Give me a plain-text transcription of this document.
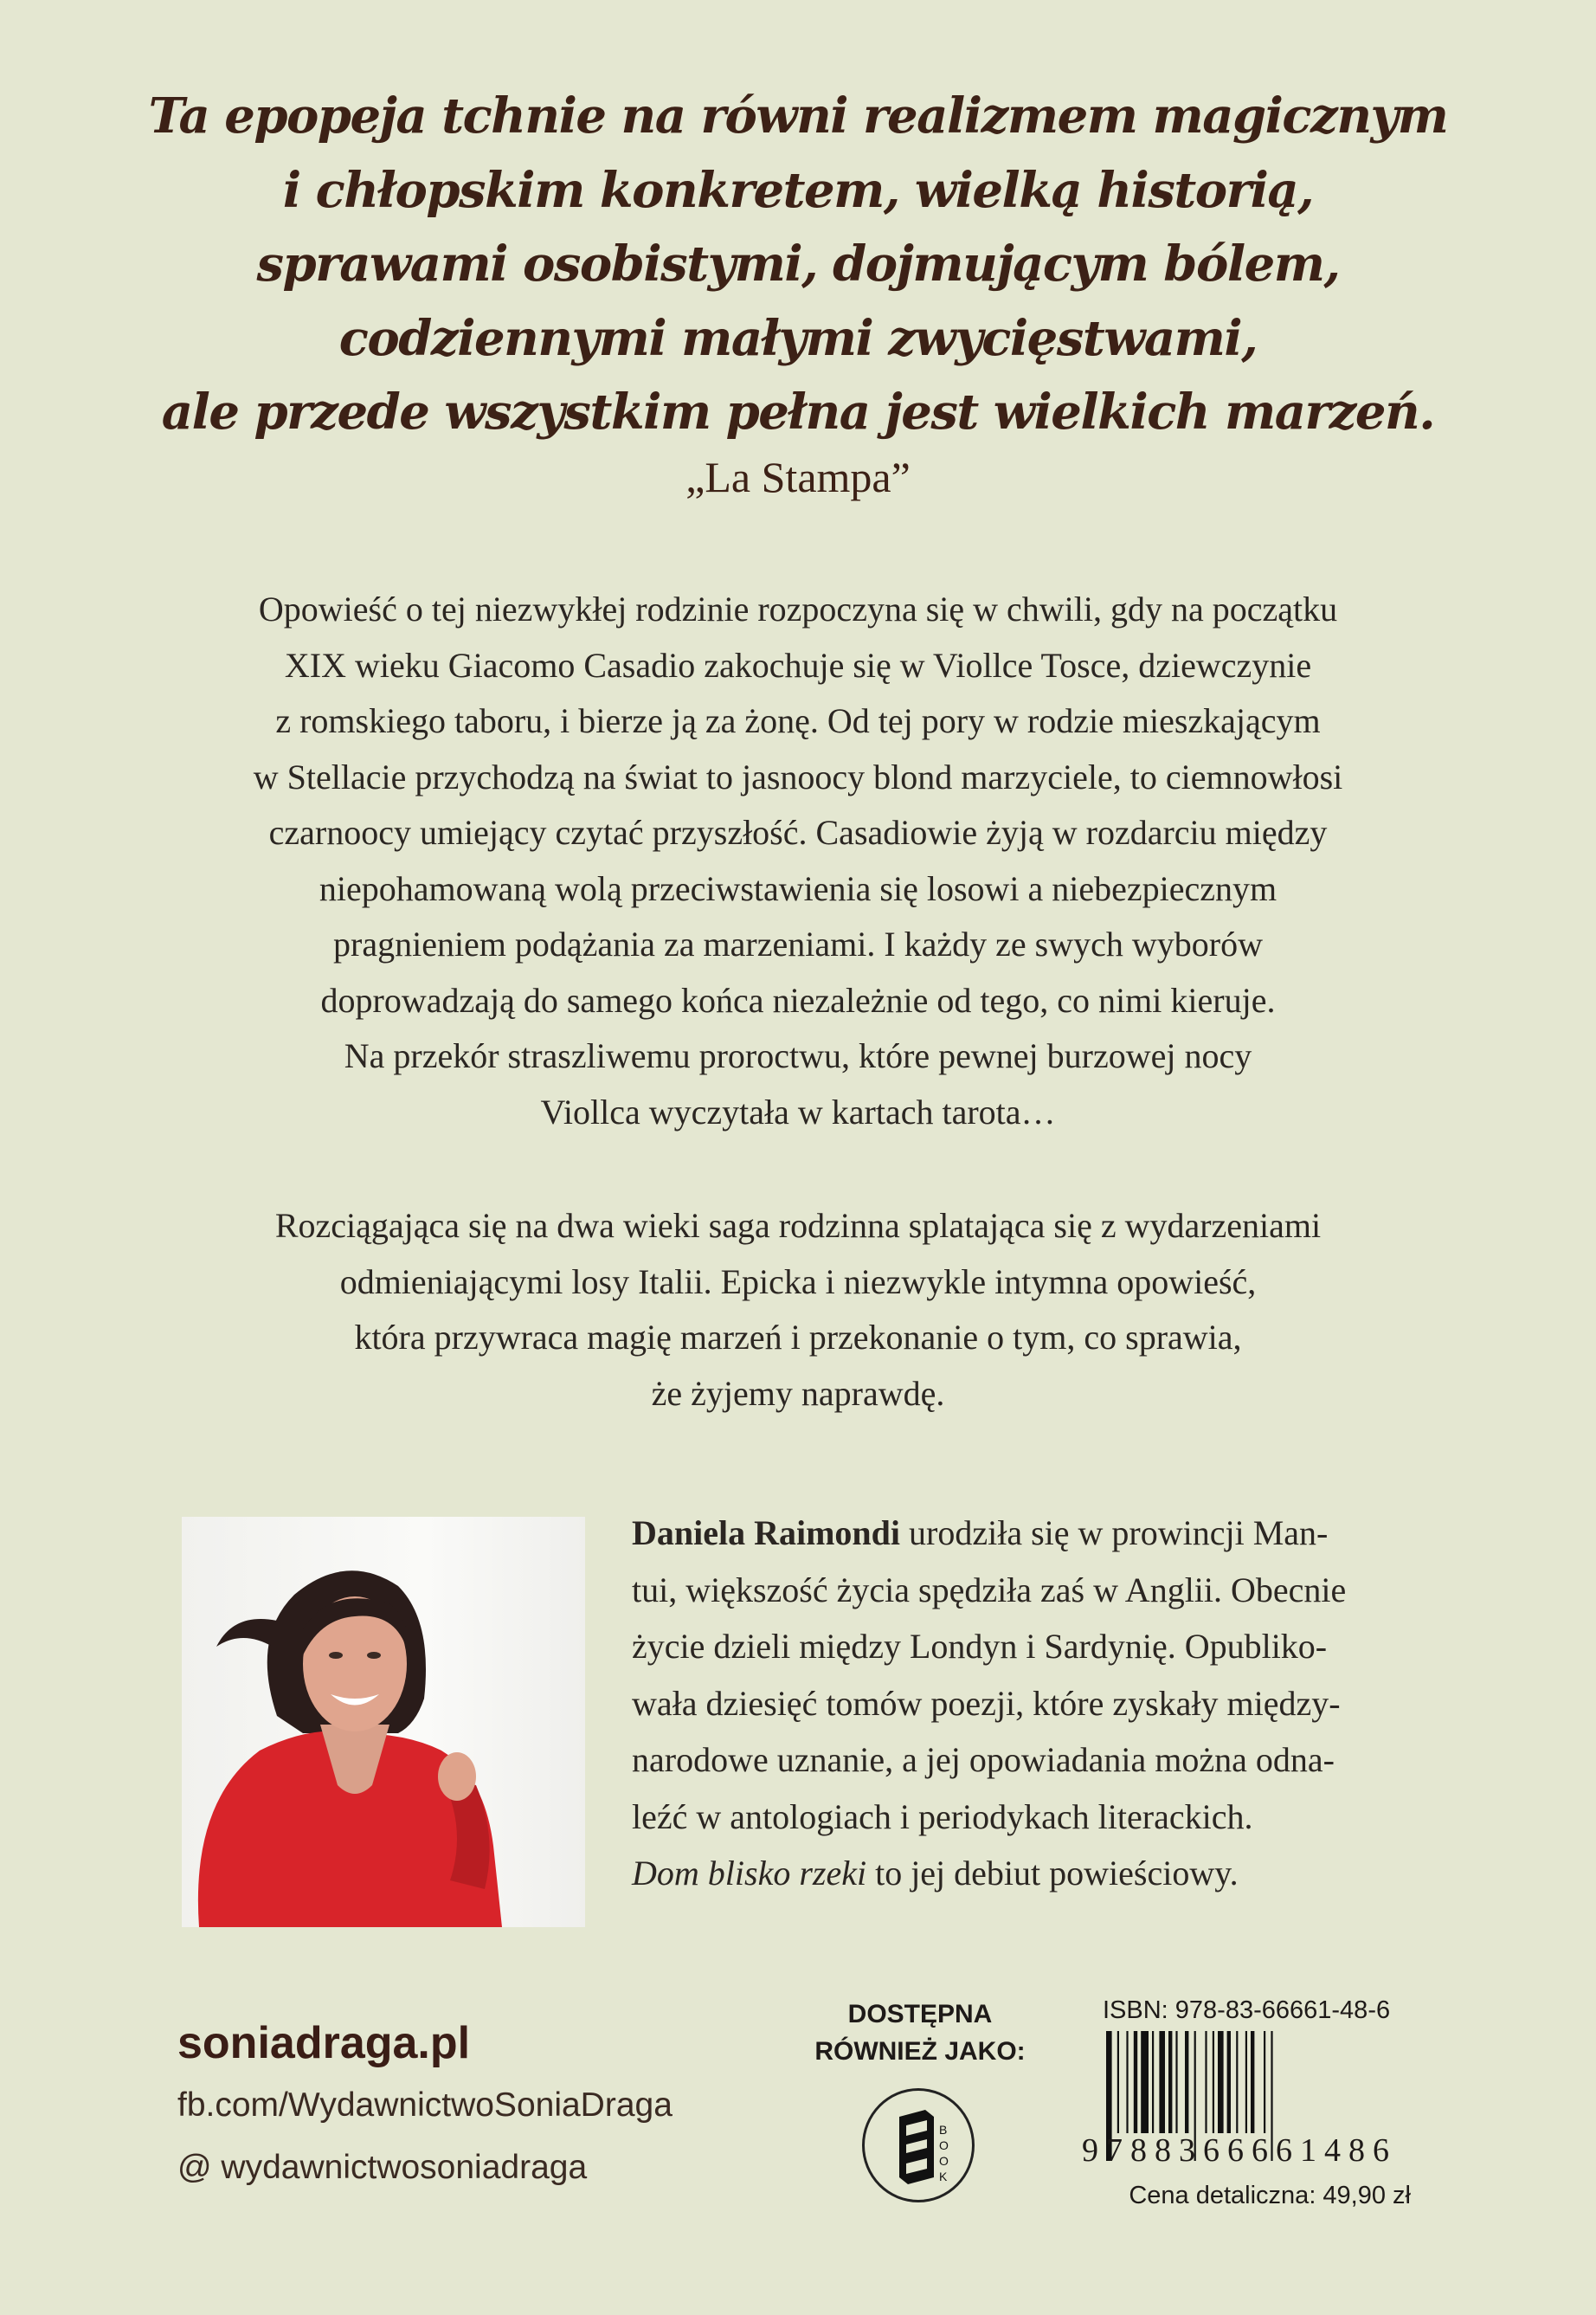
Ta epopeja tchnie na równi realizmem magicznym
i chłopskim konkretem, wielką historią,
sprawami osobistymi, dojmującym bólem,
codziennymi małymi zwycięstwami,
ale przede wszystkim pełna jest wielkich marzeń.
„La Stampa”
Opowieść o tej niezwykłej rodzinie rozpoczyna się w chwili, gdy na początku
XIX wieku Giacomo Casadio zakochuje się w Viollce Tosce, dziewczynie
z romskiego taboru, i bierze ją za żonę. Od tej pory w rodzie mieszkającym
w Stellacie przychodzą na świat to jasnoocy blond marzyciele, to ciemnowłosi
czarnoocy umiejący czytać przyszłość. Casadiowie żyją w rozdarciu między
niepohamowaną wolą przeciwstawienia się losowi a niebezpiecznym
pragnieniem podążania za marzeniami. I każdy ze swych wyborów
doprowadzają do samego końca niezależnie od tego, co nimi kieruje.
Na przekór straszliwemu proroctwu, które pewnej burzowej nocy
Viollca wyczytała w kartach tarota…
Rozciągająca się na dwa wieki saga rodzinna splatająca się z wydarzeniami
odmieniającymi losy Italii. Epicka i niezwykle intymna opowieść,
która przywraca magię marzeń i przekonanie o tym, co sprawia,
że żyjemy naprawdę.
Daniela Raimondi urodziła się w prowincji Man-
tui, większość życia spędziła zaś w Anglii. Obecnie
życie dzieli między Londyn i Sardynię. Opubliko-
wała dziesięć tomów poezji, które zyskały między-
narodowe uznanie, a jej opowiadania można odna-
leźć w antologiach i periodykach literackich.
Dom blisko rzeki to jej debiut powieściowy.
soniadraga.pl
fb.com/WydawnictwoSoniaDraga
@ wydawnictwosoniadraga
DOSTĘPNA
RÓWNIEŻ JAKO:
B
O
O
K
ISBN: 978-83-66661-48-6
9788366661486
Cena detaliczna: 49,90 zł
